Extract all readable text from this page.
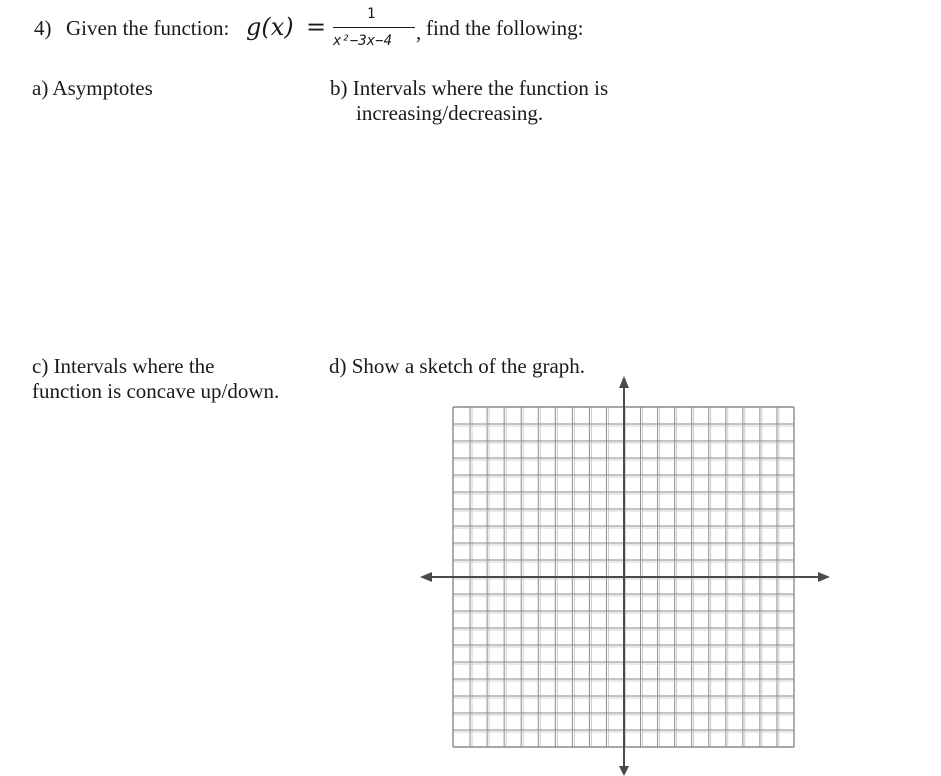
4) Given the function: g(x) =	1
x²−3x−4 , find the following:
a) Asymptotes	b) Intervals where the function is
increasing/decreasing.
c) Intervals where the
function is concave up/down.
d) Show a sketch of the graph.
